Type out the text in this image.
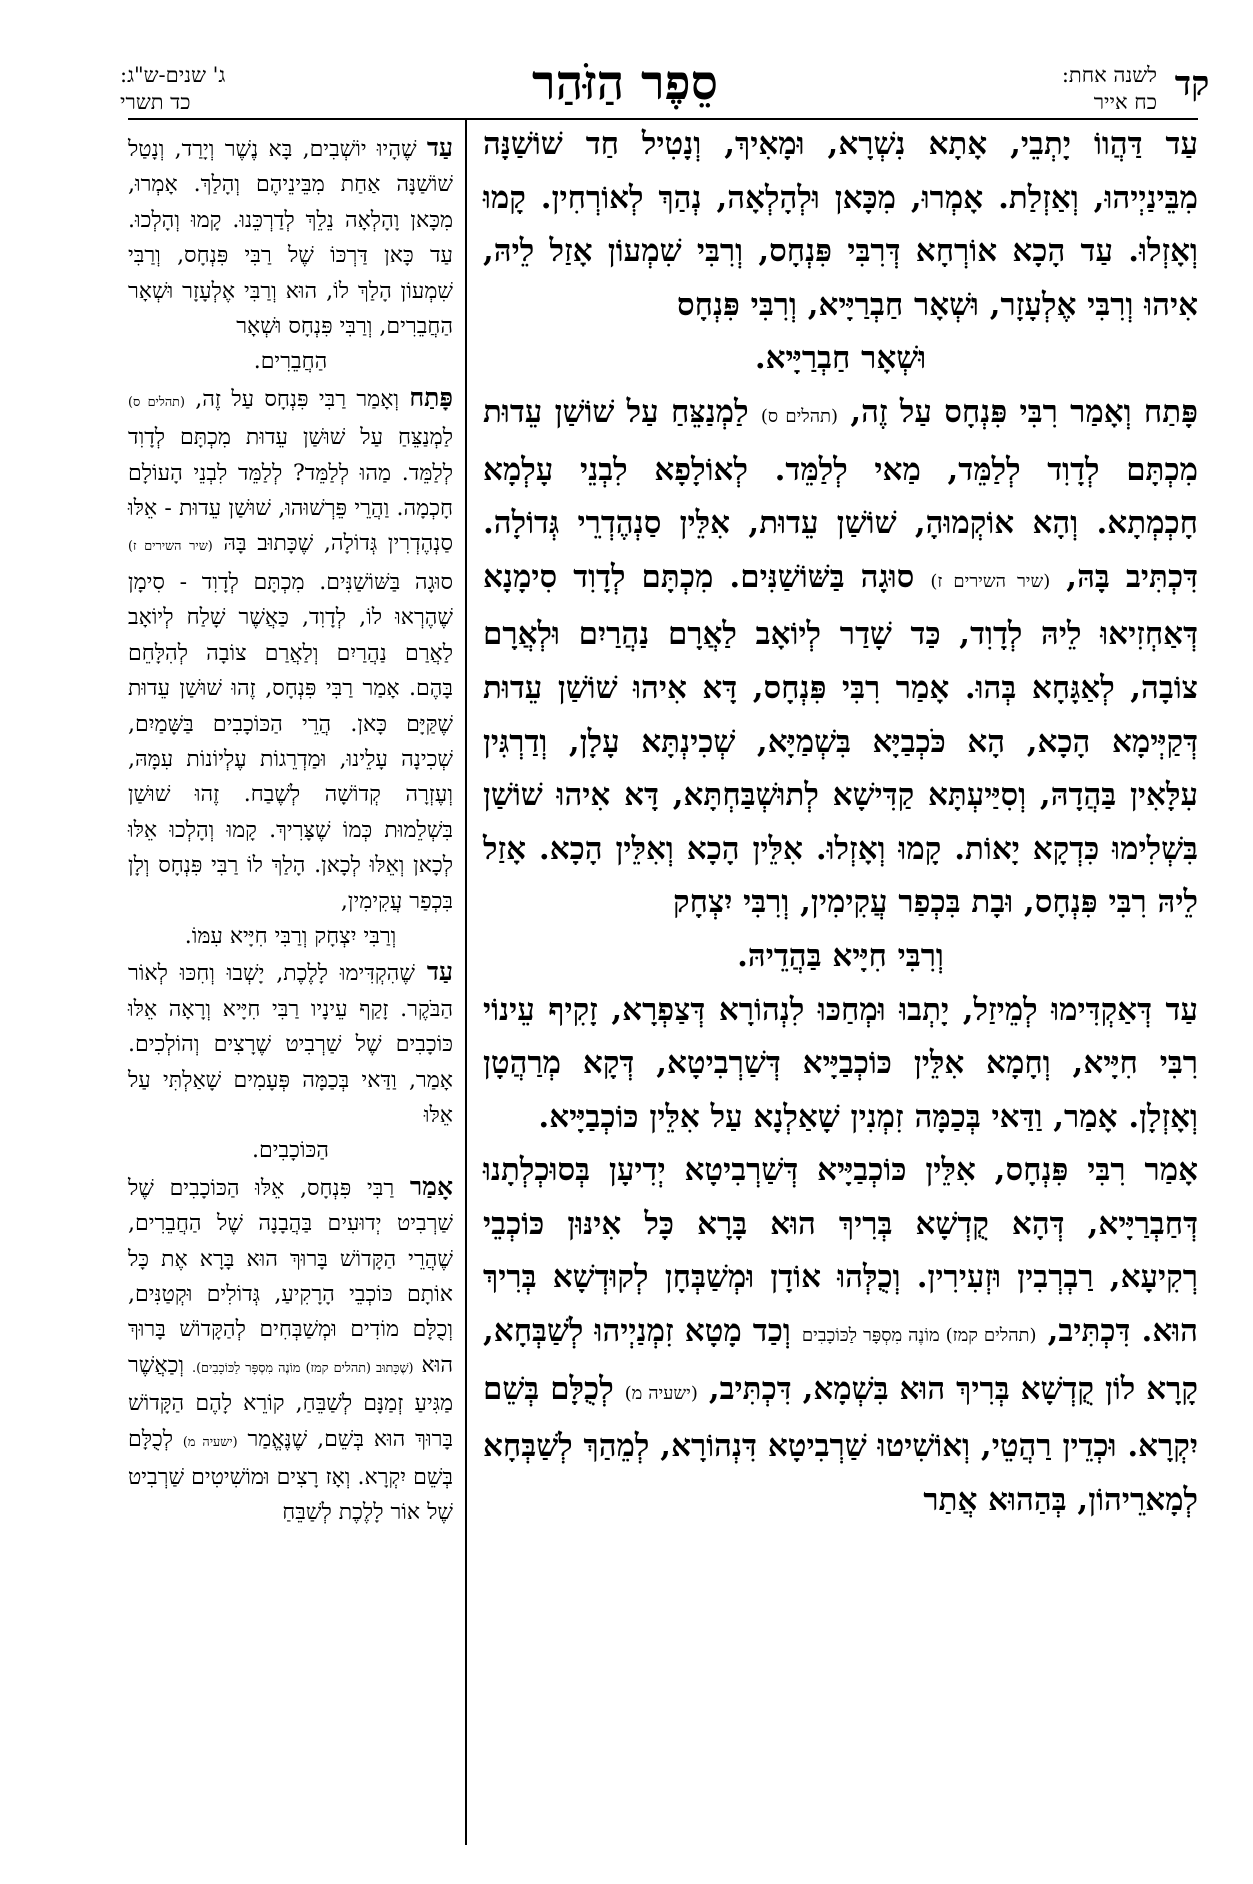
קד
לשנה אחת:
כח אייר
סֵפֶר הַזֹּהַר
ג' שנים-ש"ג:
כד תשרי

עַד דַּהֲווֹ יָתְבֵי, אָתָא נִשְׁרָא, וּמָאִיךְ, וְנָטִיל חַד שׁוֹשַׁנָּה מִבֵּינַיְיהוּ, וְאַזְלַת. אָמְרוּ, מִכָּאן וּלְהָלְאָה, נְהַךְ לְאוֹרְחִין. קָמוּ וְאָזְלוּ. עַד הָכָא אוֹרְחָא דְּרִבִּי פִּנְחָס, וְרִבִּי שִׁמְעוֹן אָזַל לֵיהּ, אִיהוּ וְרִבִּי אֶלְעָזָר, וּשְׁאָר חַבְרַיָּיא, וְרִבִּי פִּנְחָס

וּשְׁאָר חַבְרַיָּיא.

פָּתַח וְאָמַר רִבִּי פִּנְחָס עַל זֶה, (תהלים ס) לַמְנַצֵּחַ עַל שׁוֹשַׁן עֵדוּת מִכְתָּם לְדָוִד לְלַמֵּד, מַאי לְלַמֵּד. לְאוֹלָפָא לִבְנֵי עָלְמָא חָכְמְתָא. וְהָא אוֹקְמוּהָ, שׁוֹשַׁן עֵדוּת, אִלֵּין סַנְהֶדְרֵי גְּדוֹלָה. דִּכְתִּיב בָּהּ, (שיר השירים ז) סוּגָה בַּשּׁוֹשַׁנִּים. מִכְתָּם לְדָוִד סִימָנָא דְּאַחְזִיאוּ לֵיהּ לְדָוִד, כַּד שָׁדַר לְיוֹאָב לַאֲרָם נַהֲרַיִם וּלְאֲרָם צוֹבָה, לְאַגָּחָא בְּהוּ. אָמַר רִבִּי פִּנְחָס, דָּא אִיהוּ שׁוֹשַׁן עֵדוּת דְּקַיְּימָא הָכָא, הָא כֹּכְבַיָּא בִּשְׁמַיָּא, שְׁכִינְתָּא עָלָן, וְדַרְגִּין עִלָּאִין בַּהֲדָהּ, וְסִיַּיעְתָּא קַדִּישָׁא לְתוּשְׁבַּחְתָּא, דָּא אִיהוּ שׁוֹשַׁן בִּשְׁלִימוּ כִּדְקָא יָאוֹת. קָמוּ וְאָזְלוּ. אִלֵּין הָכָא וְאִלֵּין הָכָא. אָזַל לֵיהּ רִבִּי פִּנְחָס, וּבָת בִּכְפַר עֲקִימִין, וְרִבִּי יִצְחָק

וְרִבִּי חִיָּיא בַּהֲדֵיהּ.

עַד דְּאַקְדִּימוּ לְמֵיזַל, יָתְבוּ וּמְחַכּוּ לִנְהוֹרָא דְּצַפְרָא, זָקִיף עֵינוֹי רִבִּי חִיָּיא, וְחָמָא אִלֵּין כּוֹכְבַיָּיא דְּשַׁרְבִיטָא, דְּקָא מְרַהֲטָן וְאָזְלָן. אָמַר, וַדַּאי בְּכַמָּה זִמְנִין שָׁאַלְנָא עַל אִלֵּין כּוֹכְבַיָּיא.

אָמַר רִבִּי פִּנְחָס, אִלֵּין כּוֹכְבַיָּיא דְּשַׁרְבִיטָא יְדִיעָן בְּסוּכְלְתָנוּ דְּחַבְרַיָּיא, דְּהָא קֻדְשָׁא בְּרִיךְ הוּא בָּרָא כָּל אִינּוּן כּוֹכְבֵי רְקִיעָא, רַבְרְבִין וּזְעִירִין. וְכֻלְּהוּ אוֹדָן וּמְשַׁבְּחָן לְקוּדְשָׁא בְּרִיךְ הוּא. דִּכְתִּיב, (תהלים קמז) מוֹנֶה מִסְפָּר לַכּוֹכָבִים וְכַד מָטָא זִמְנַיְיהוּ לְשַׁבְּחָא, קָרָא לוֹן קֻדְשָׁא בְּרִיךְ הוּא בִּשְׁמָא, דִּכְתִּיב, (ישעיה מ) לְכֻלָּם בְּשֵׁם יִקְרָא. וּכְדֵין רַהֲטֵי, וְאוֹשִׁיטוּ שַׁרְבִיטָא דִּנְהוֹרָא, לְמֵהַךְ לְשַׁבְּחָא לְמָארֵיהוֹן, בְּהַהוּא אֲתַר

עַד שֶׁהָיוּ יוֹשְׁבִים, בָּא נֶשֶׁר וְיָרַד, וְנָטַל שׁוֹשַׁנָּה אַחַת מִבֵּינֵיהֶם וְהָלַךְ. אָמְרוּ, מִכָּאן וָהָלְאָה נֵלֵךְ לְדַרְכֵּנוּ. קָמוּ וְהָלְכוּ. עַד כָּאן דַּרְכּוֹ שֶׁל רַבִּי פִּנְחָס, וְרַבִּי שִׁמְעוֹן הָלַךְ לוֹ, הוּא וְרַבִּי אֶלְעָזָר וּשְׁאָר הַחֲבֵרִים, וְרַבִּי פִּנְחָס וּשְׁאָר

הַחֲבֵרִים.

פָּתַח וְאָמַר רַבִּי פִּנְחָס עַל זֶה, (תהלים ס) לַמְנַצֵּחַ עַל שׁוּשַׁן עֵדוּת מִכְתָּם לְדָוִד לְלַמֵּד. מַהוּ לְלַמֵּד? לְלַמֵּד לִבְנֵי הָעוֹלָם חָכְמָה. וַהֲרֵי פֵּרְשׁוּהוּ, שׁוּשַׁן עֵדוּת - אֵלּוּ סַנְהֶדְרִין גְּדוֹלָה, שֶׁכָּתוּב בָּהּ (שיר השירים ז) סוּגָה בַּשּׁוֹשַׁנִּים. מִכְתָּם לְדָוִד - סִימָן שֶׁהֶרְאוּ לוֹ, לְדָוִד, כַּאֲשֶׁר שָׁלַח לְיוֹאָב לַאֲרַם נַהֲרַיִם וְלַאֲרַם צוֹבָה לְהִלָּחֵם בָּהֶם. אָמַר רַבִּי פִּנְחָס, זֶהוּ שׁוּשַׁן עֵדוּת שֶׁקַּיָּם כָּאן. הֲרֵי הַכּוֹכָבִים בַּשָּׁמַיִם, שְׁכִינָה עָלֵינוּ, וּמַדְרֵגוֹת עֶלְיוֹנוֹת עִמָּהּ, וְעֶזְרָה קְדוֹשָׁה לְשֶׁבַח. זֶהוּ שׁוּשַׁן בִּשְׁלֵמוּת כְּמוֹ שֶׁצָּרִיךְ. קָמוּ וְהָלְכוּ אֵלּוּ לְכָאן וְאֵלּוּ לְכָאן. הָלַךְ לוֹ רַבִּי פִּנְחָס וְלָן בִּכְפַר עֲקִימִין,

וְרַבִּי יִצְחָק וְרַבִּי חִיָּיא עִמּוֹ.

עַד שֶׁהִקְדִּימוּ לָלֶכֶת, יָשְׁבוּ וְחִכּוּ לְאוֹר הַבֹּקֶר. זָקַף עֵינָיו רַבִּי חִיָּיא וְרָאָה אֵלּוּ כּוֹכָבִים שֶׁל שַׁרְבִיט שֶׁרָצִים וְהוֹלְכִים. אָמַר, וַדַּאי בְּכַמָּה פְּעָמִים שָׁאַלְתִּי עַל אֵלּוּ

הַכּוֹכָבִים.

אָמַר רַבִּי פִּנְחָס, אֵלּוּ הַכּוֹכָבִים שֶׁל שַׁרְבִיט יְדוּעִים בַּהֲבָנָה שֶׁל הַחֲבֵרִים, שֶׁהֲרֵי הַקָּדוֹשׁ בָּרוּךְ הוּא בָּרָא אֶת כָּל אוֹתָם כּוֹכְבֵי הָרָקִיעַ, גְּדוֹלִים וּקְטַנִּים, וְכֻלָּם מוֹדִים וּמְשַׁבְּחִים לְהַקָּדוֹשׁ בָּרוּךְ הוּא (שֶׁכָּתוּב (תהלים קמז) מוֹנֶה מִסְפָּר לַכּוֹכָבִים). וְכַאֲשֶׁר מַגִּיעַ זְמַנָּם לְשַׁבֵּחַ, קוֹרֵא לָהֶם הַקָּדוֹשׁ בָּרוּךְ הוּא בְּשֵׁם, שֶׁנֶּאֱמַר (ישעיה מ) לְכֻלָּם בְּשֵׁם יִקְרָא. וְאָז רָצִים וּמוֹשִׁיטִים שַׁרְבִיט שֶׁל אוֹר לָלֶכֶת לְשַׁבֵּחַ
